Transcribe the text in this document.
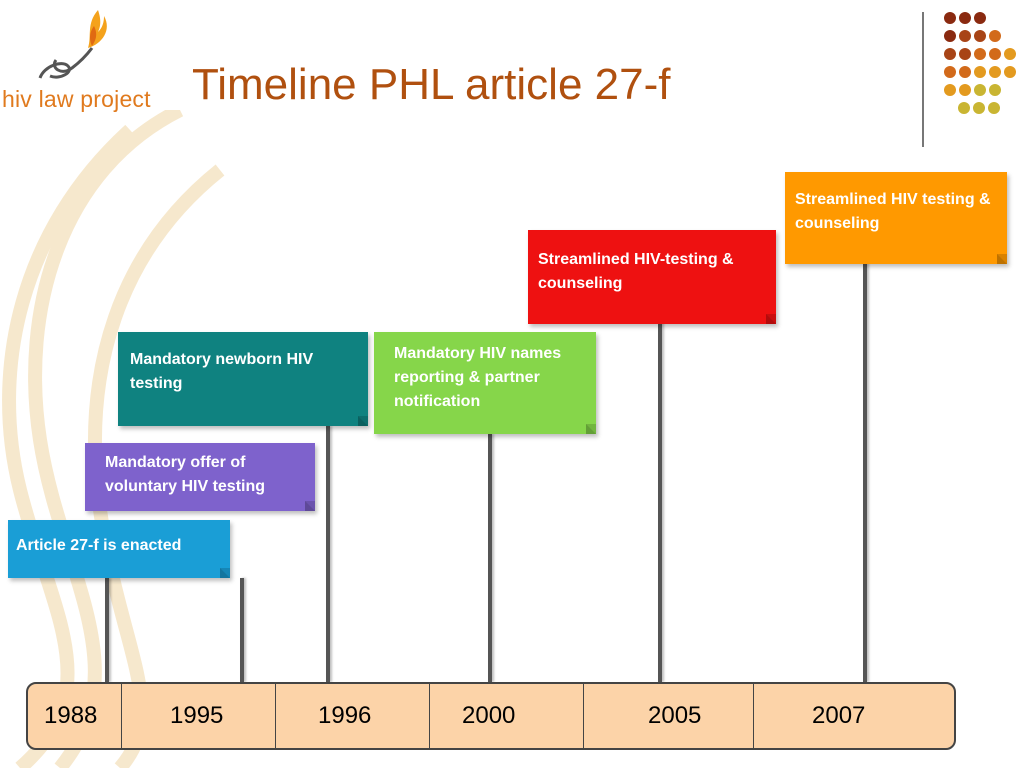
hiv law project Timeline PHL article 27-f
Article 27-f is enacted
Mandatory offer of voluntary HIV testing
Mandatory newborn HIV testing
Mandatory HIV names reporting & partner notification
Streamlined HIV-testing & counseling
Streamlined HIV testing & counseling
1988	1995	1996	2000	2005	2007
